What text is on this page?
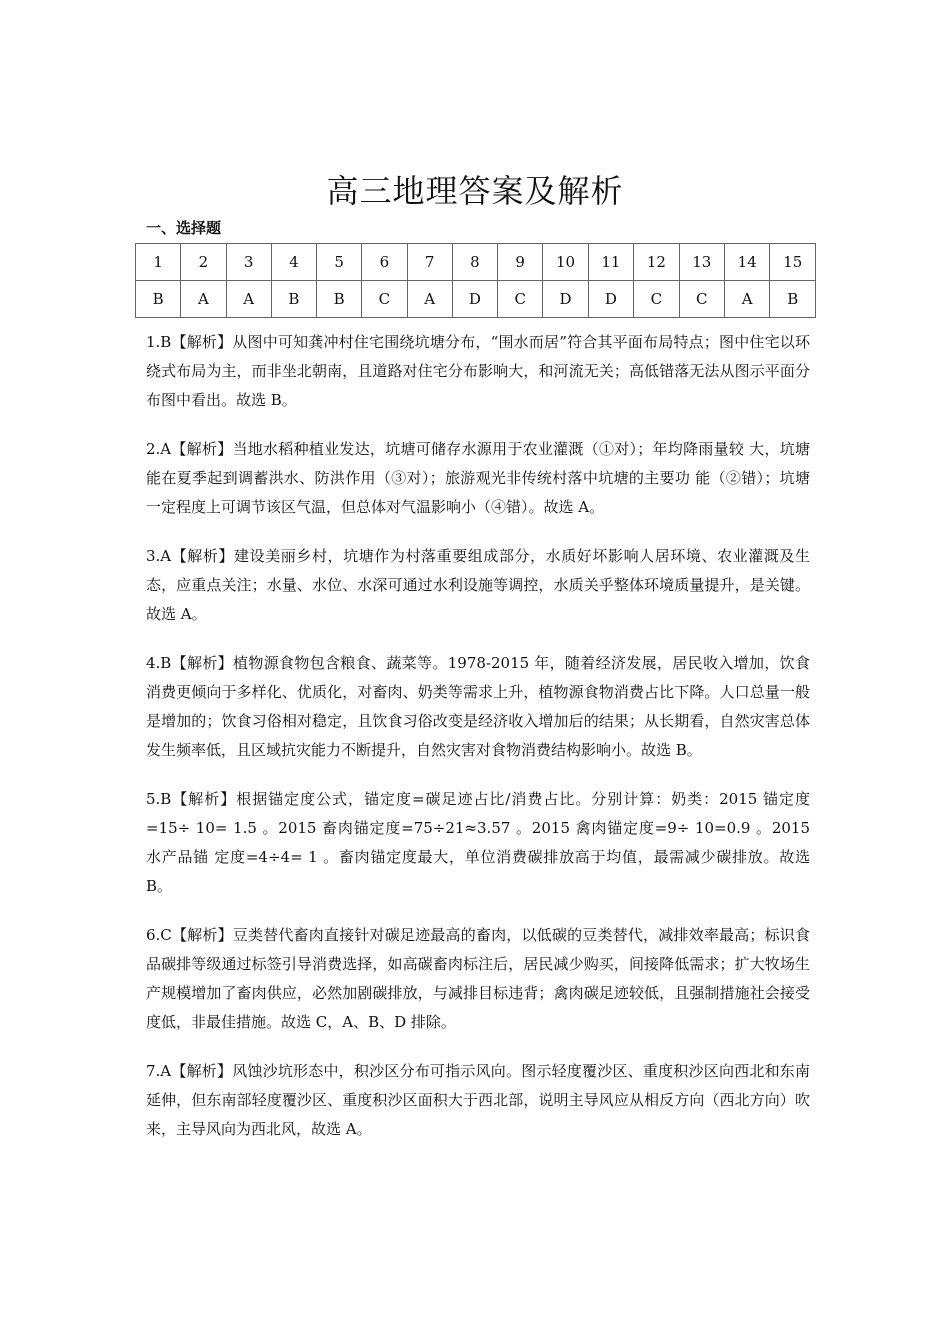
高三地理答案及解析

一、选择题

1	2	3	4	5	6	7	8	9	10	11	12	13	14	15
B	A	A	B	B	C	A	D	C	D	D	C	C	A	B

1.B【解析】从图中可知龚冲村住宅围绕坑塘分布，“围水而居”符合其平面布局特点；图中住宅以环绕式布局为主，而非坐北朝南，且道路对住宅分布影响大，和河流无关；高低错落无法从图示平面分布图中看出。故选 B。

2.A【解析】当地水稻种植业发达，坑塘可储存水源用于农业灌溉（①对）；年均降雨量较 大，坑塘能在夏季起到调蓄洪水、防洪作用（③对）；旅游观光非传统村落中坑塘的主要功 能（②错）；坑塘一定程度上可调节该区气温，但总体对气温影响小（④错）。故选 A。

3.A【解析】建设美丽乡村，坑塘作为村落重要组成部分，水质好坏影响人居环境、农业灌溉及生态，应重点关注；水量、水位、水深可通过水利设施等调控，水质关乎整体环境质量提升，是关键。故选 A。

4.B【解析】植物源食物包含粮食、蔬菜等。1978-2015 年，随着经济发展，居民收入增加，饮食消费更倾向于多样化、优质化，对畜肉、奶类等需求上升，植物源食物消费占比下降。人口总量一般是增加的；饮食习俗相对稳定，且饮食习俗改变是经济收入增加后的结果；从长期看，自然灾害总体发生频率低，且区域抗灾能力不断提升，自然灾害对食物消费结构影响小。故选 B。

5.B【解析】根据锚定度公式，锚定度=碳足迹占比/消费占比。分别计算：奶类：2015 锚定度=15÷ 10= 1.5 。2015 畜肉锚定度=75÷21≈3.57 。2015 禽肉锚定度=9÷ 10=0.9 。2015 水产品锚 定度=4÷4= 1 。畜肉锚定度最大，单位消费碳排放高于均值，最需减少碳排放。故选 B。

6.C【解析】豆类替代畜肉直接针对碳足迹最高的畜肉，以低碳的豆类替代，减排效率最高；标识食品碳排等级通过标签引导消费选择，如高碳畜肉标注后，居民减少购买，间接降低需求；扩大牧场生产规模增加了畜肉供应，必然加剧碳排放，与减排目标违背；禽肉碳足迹较低，且强制措施社会接受度低，非最佳措施。故选 C，A、B、D 排除。

7.A【解析】风蚀沙坑形态中，积沙区分布可指示风向。图示轻度覆沙区、重度积沙区向西北和东南延伸，但东南部轻度覆沙区、重度积沙区面积大于西北部，说明主导风应从相反方向（西北方向）吹来，主导风向为西北风，故选 A。
